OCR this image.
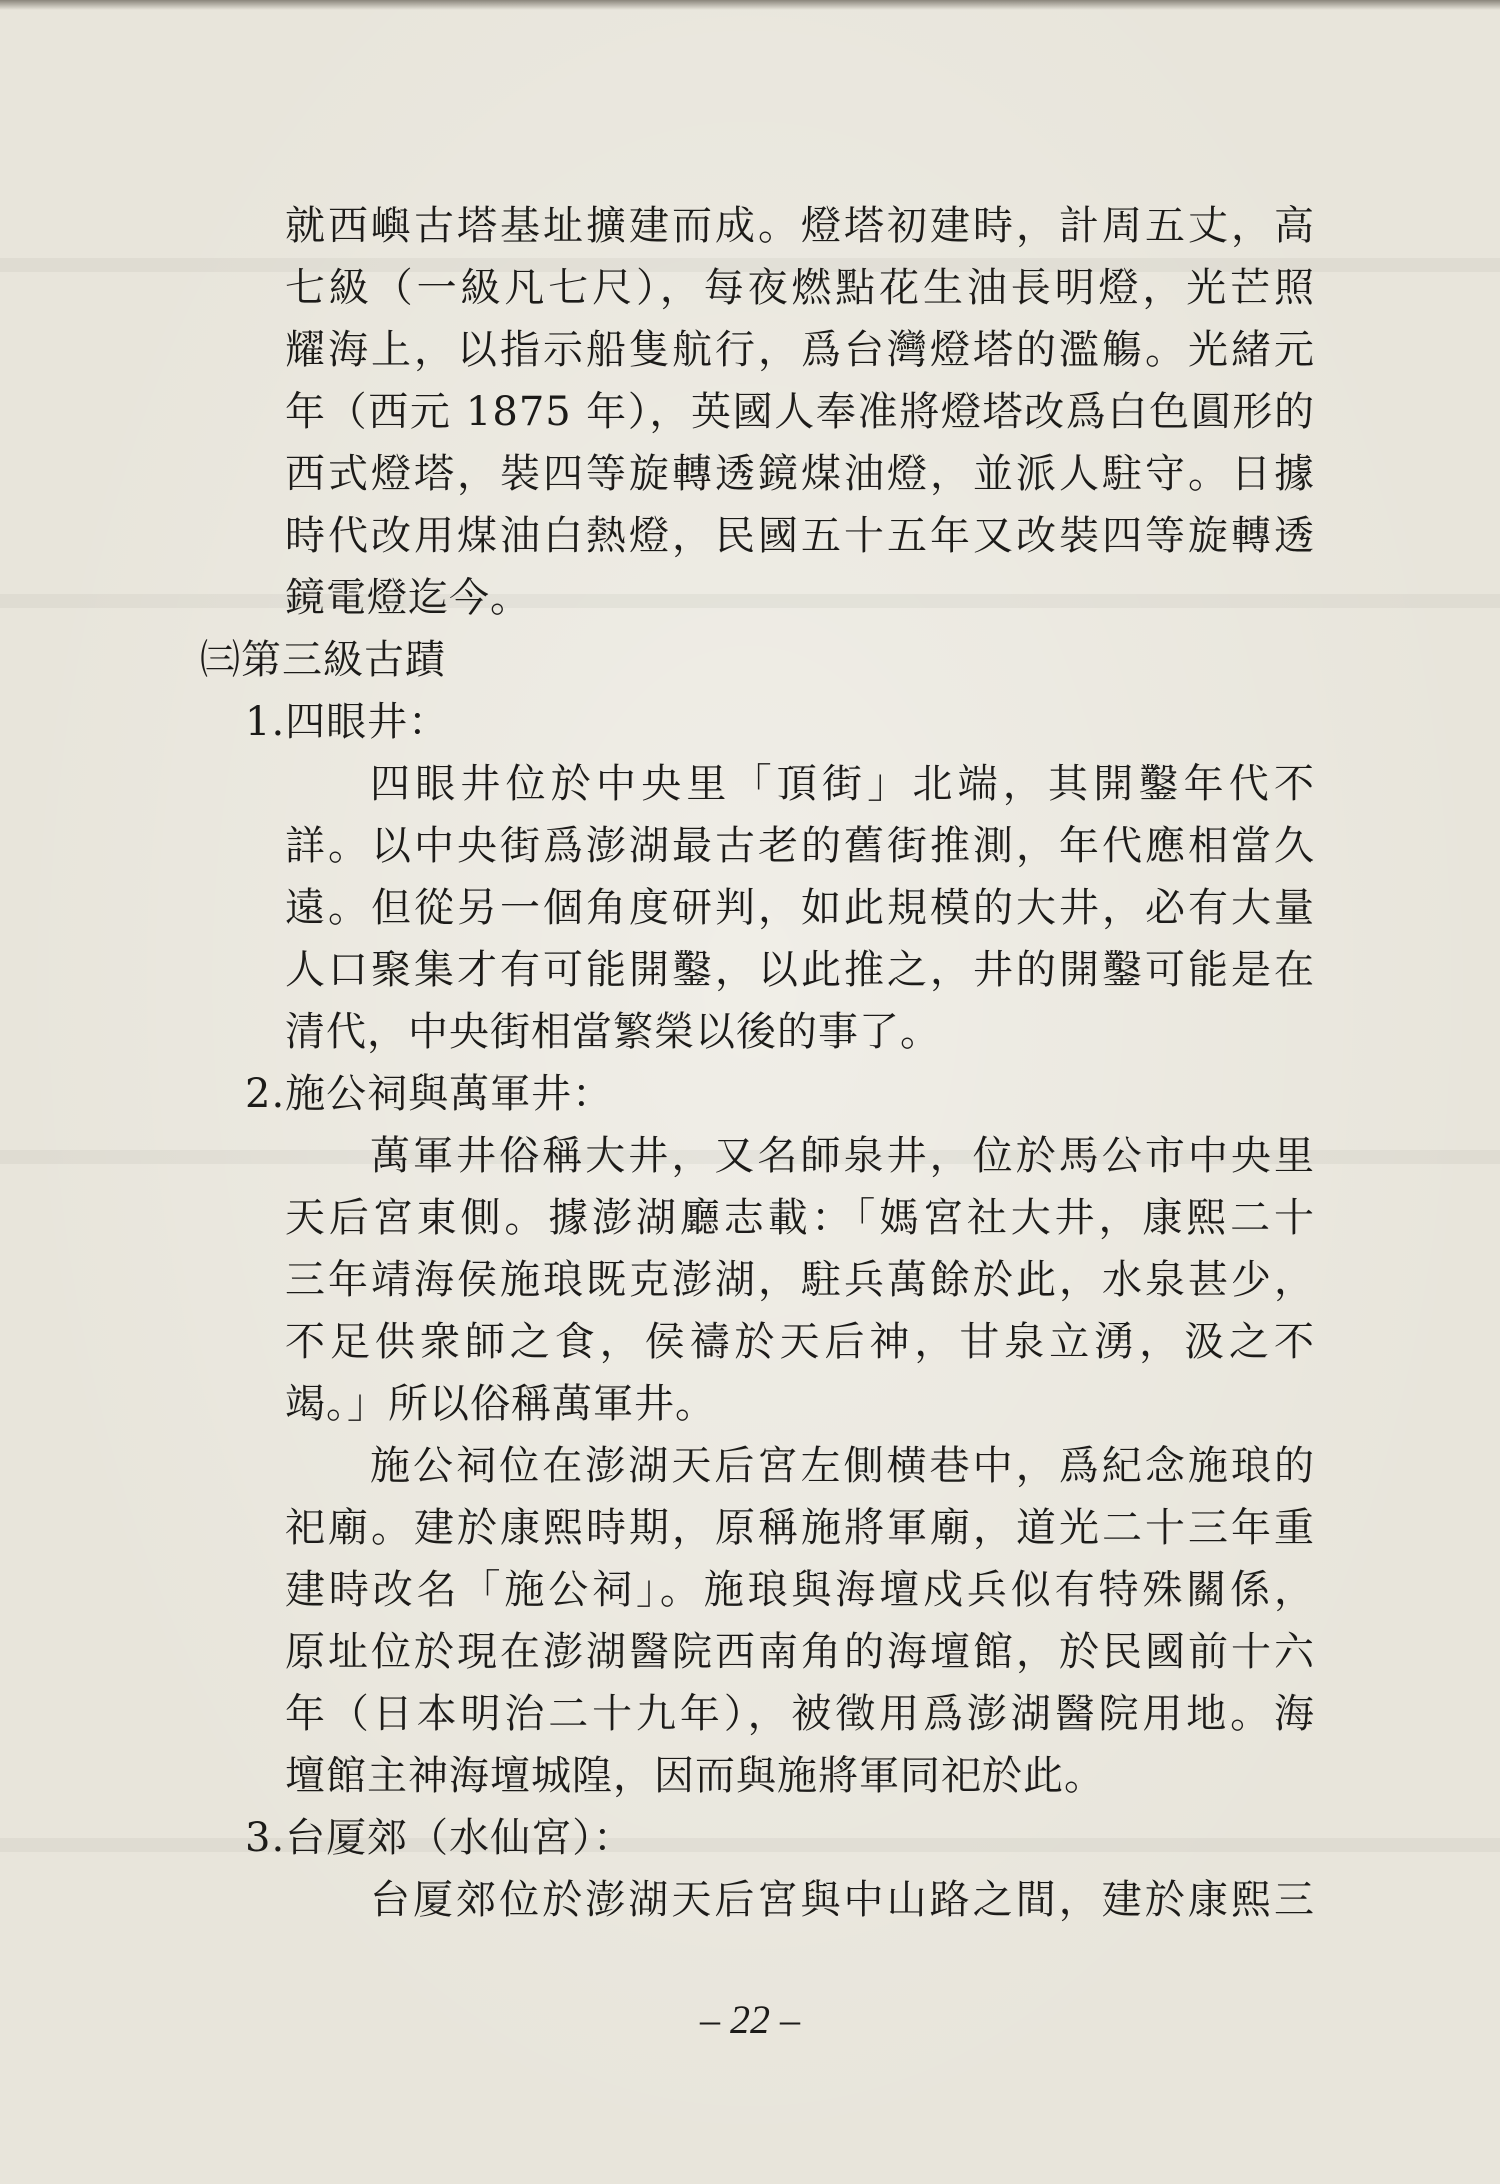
就西嶼古塔基址擴建而成。燈塔初建時，計周五丈，高
七級（一級凡七尺），每夜燃點花生油長明燈，光芒照
耀海上，以指示船隻航行，爲台灣燈塔的濫觴。光緒元
年（西元 1875 年），英國人奉准將燈塔改爲白色圓形的
西式燈塔，裝四等旋轉透鏡煤油燈，並派人駐守。日據
時代改用煤油白熱燈，民國五十五年又改裝四等旋轉透
鏡電燈迄今。
㈢第三級古蹟
1.四眼井：
四眼井位於中央里「頂街」北端，其開鑿年代不
詳。以中央街爲澎湖最古老的舊街推測，年代應相當久
遠。但從另一個角度研判，如此規模的大井，必有大量
人口聚集才有可能開鑿，以此推之，井的開鑿可能是在
清代，中央街相當繁榮以後的事了。
2.施公祠與萬軍井：
萬軍井俗稱大井，又名師泉井，位於馬公市中央里
天后宮東側。據澎湖廳志載：「媽宮社大井，康熙二十
三年靖海侯施琅既克澎湖，駐兵萬餘於此，水泉甚少，
不足供衆師之食，侯禱於天后神，甘泉立湧，汲之不
竭。」所以俗稱萬軍井。
施公祠位在澎湖天后宮左側横巷中，爲紀念施琅的
祀廟。建於康熙時期，原稱施將軍廟，道光二十三年重
建時改名「施公祠」。施琅與海壇戍兵似有特殊關係，
原址位於現在澎湖醫院西南角的海壇館，於民國前十六
年（日本明治二十九年），被徵用爲澎湖醫院用地。海
壇館主神海壇城隍，因而與施將軍同祀於此。
3.台厦郊（水仙宮）：
台厦郊位於澎湖天后宮與中山路之間，建於康熙三
– 22 –
